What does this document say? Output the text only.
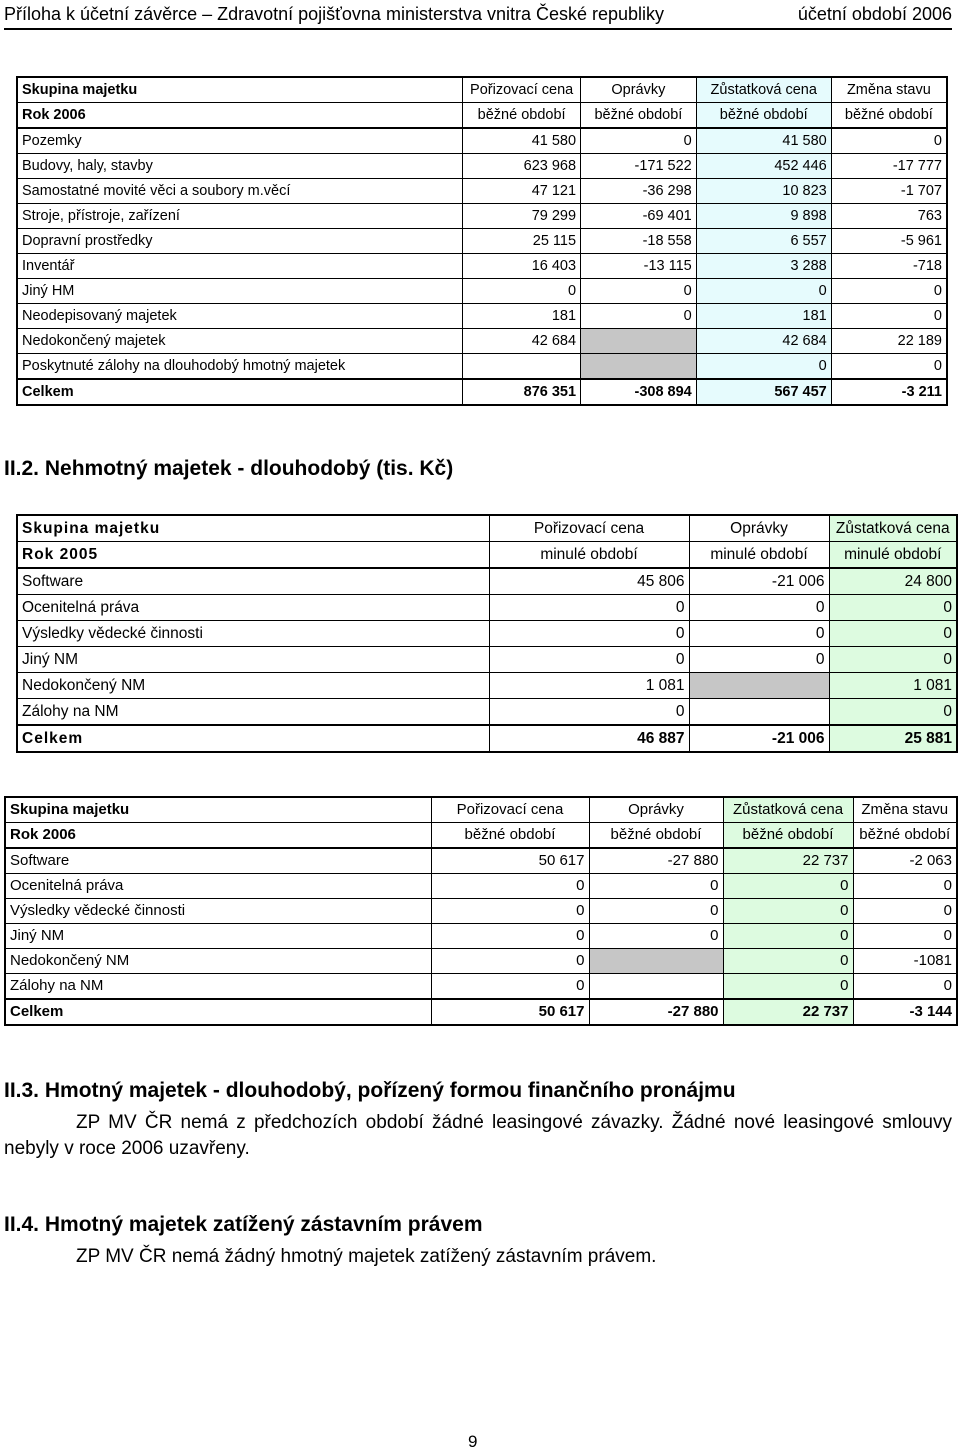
Příloha k účetní závěrce – Zdravotní pojišťovna ministerstva vnitra České republiky	účetní období 2006
Skupina majetku	Pořizovací cena	Oprávky	Zůstatková cena	Změna stavu
Rok 2006	běžné období	běžné období	běžné období	běžné období
Pozemky	41 580	0	41 580	0
Budovy, haly, stavby	623 968	-171 522	452 446	-17 777
Samostatné movité věci a soubory m.věcí	47 121	-36 298	10 823	-1 707
Stroje, přístroje, zařízení	79 299	-69 401	9 898	763
Dopravní prostředky	25 115	-18 558	6 557	-5 961
Inventář	16 403	-13 115	3 288	-718
Jiný HM	0	0	0	0
Neodepisovaný majetek	181	0	181	0
Nedokončený majetek	42 684		42 684	22 189
Poskytnuté zálohy na dlouhodobý hmotný majetek			0	0
Celkem	876 351	-308 894	567 457	-3 211
II.2. Nehmotný majetek - dlouhodobý (tis. Kč)
Skupina majetku	Pořizovací cena	Oprávky	Zůstatková cena
Rok 2005	minulé období	minulé období	minulé období
Software	45 806	-21 006	24 800
Ocenitelná práva	0	0	0
Výsledky vědecké činnosti	0	0	0
Jiný NM	0	0	0
Nedokončený NM	1 081		1 081
Zálohy na NM	0		0
Celkem	46 887	-21 006	25 881
Skupina majetku	Pořizovací cena	Oprávky	Zůstatková cena	Změna stavu
Rok 2006	běžné období	běžné období	běžné období	běžné období
Software	50 617	-27 880	22 737	-2 063
Ocenitelná práva	0	0	0	0
Výsledky vědecké činnosti	0	0	0	0
Jiný NM	0	0	0	0
Nedokončený NM	0		0	-1081
Zálohy na NM	0		0	0
Celkem	50 617	-27 880	22 737	-3 144
II.3. Hmotný majetek - dlouhodobý, pořízený formou finančního pronájmu
ZP MV ČR nemá z předchozích období žádné leasingové závazky. Žádné nové leasingové smlouvy nebyly v roce 2006 uzavřeny.
II.4. Hmotný majetek zatížený zástavním právem
ZP MV ČR nemá žádný hmotný majetek zatížený zástavním právem.
9
